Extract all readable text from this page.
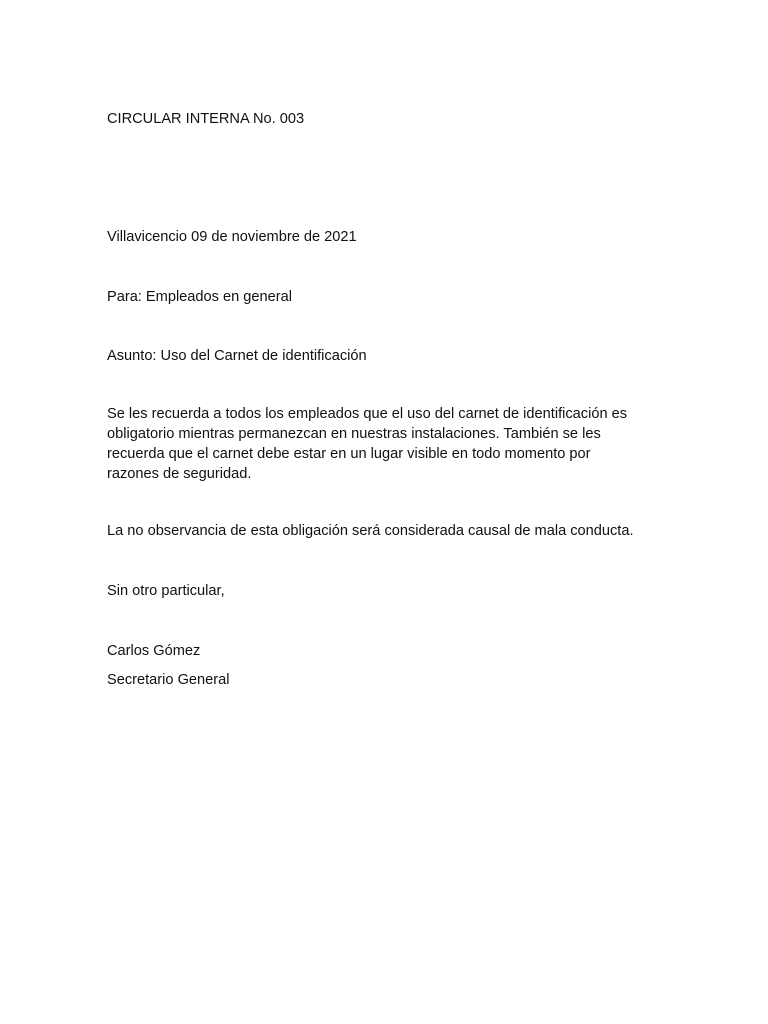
CIRCULAR INTERNA No. 003
Villavicencio 09 de noviembre de 2021
Para: Empleados en general
Asunto: Uso del Carnet de identificación
Se les recuerda a todos los empleados que el uso del carnet de identificación es
obligatorio mientras permanezcan en nuestras instalaciones. También se les
recuerda que el carnet debe estar en un lugar visible en todo momento por
razones de seguridad.
La no observancia de esta obligación será considerada causal de mala conducta.
Sin otro particular,
Carlos Gómez
Secretario General
